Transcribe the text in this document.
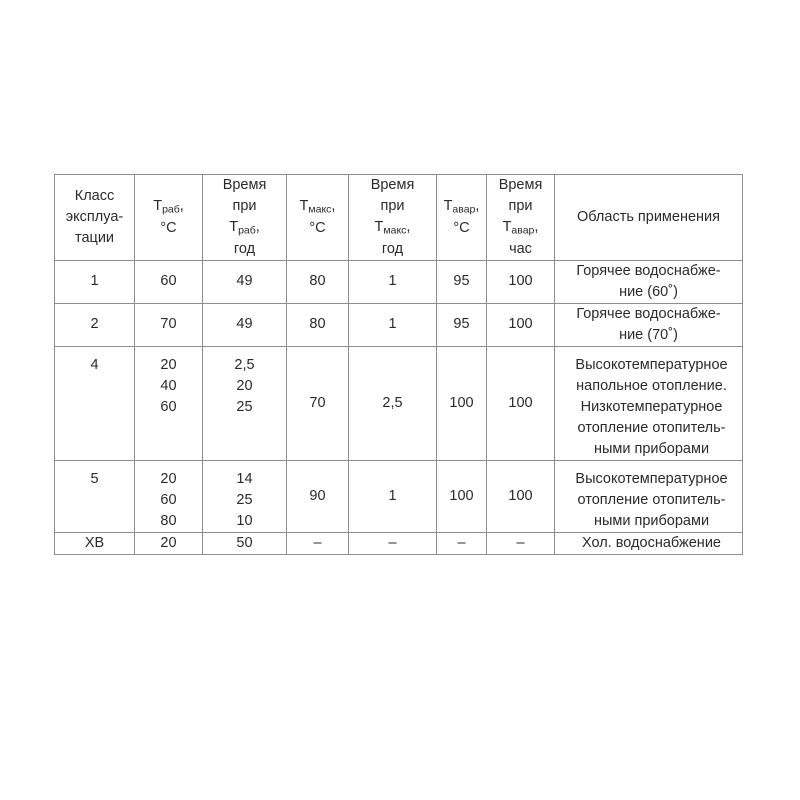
Класс
эксплуа-
тации	$T_{раб}$,
°С	Время
при
$T_{раб}$,
год	$T_{макс}$,
°С	Время
при
$T_{макс}$,
год	$T_{авар}$,
°С	Время
при
$T_{авар}$,
час	Область применения
1	60	49	80	1	95	100	Горячее водоснабже-
ние (60˚)

2	70	49	80	1	95	100	Горячее водоснабже-
ние (70˚)

4	20
40
60	2,5
20
25	70	2,5	100	100	Высокотемпературное
напольное отопление.
Низкотемпературное
отопление отопитель-
ными приборами

5	20
60
80	14
25
10	90	1	100	100	Высокотемпературное
отопление отопитель-
ными приборами

ХВ	20	50	–	–	–	–	Хол. водоснабжение
